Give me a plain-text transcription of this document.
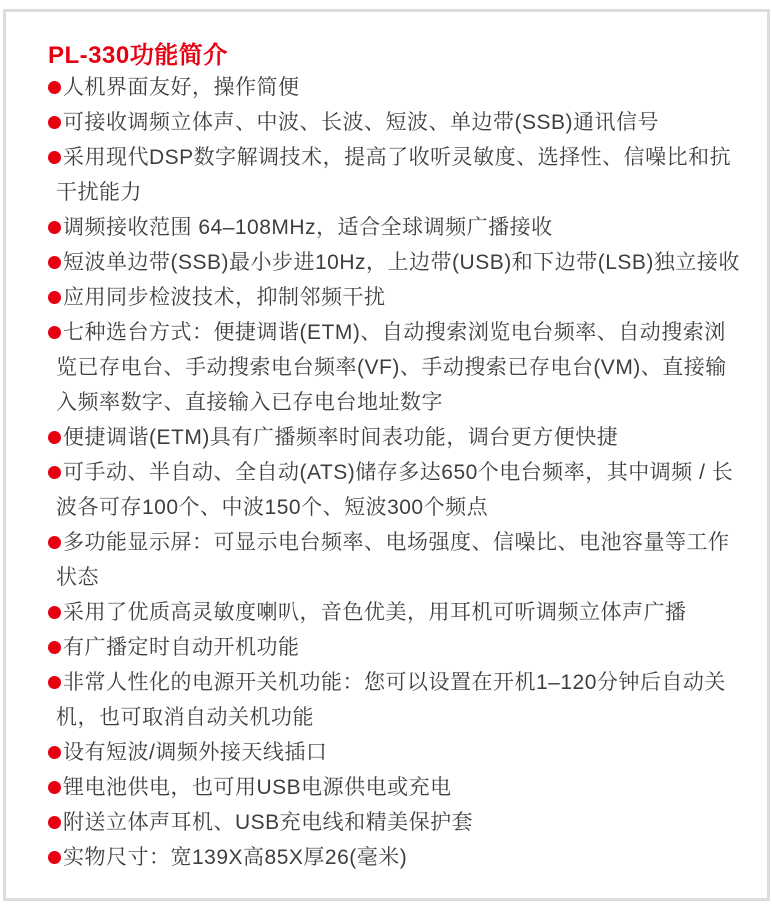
PL-330功能简介

人机界面友好，操作简便

可接收调频立体声、中波、长波、短波、单边带(SSB)通讯信号

采用现代DSP数字解调技术，提高了收听灵敏度、选择性、信噪比和抗干扰能力

调频接收范围 64–108MHz，适合全球调频广播接收

短波单边带(SSB)最小步进10Hz，上边带(USB)和下边带(LSB)独立接收

应用同步检波技术，抑制邻频干扰

七种选台方式：便捷调谐(ETM)、自动搜索浏览电台频率、自动搜索浏览已存电台、手动搜索电台频率(VF)、手动搜索已存电台(VM)、直接输入频率数字、直接输入已存电台地址数字

便捷调谐(ETM)具有广播频率时间表功能，调台更方便快捷

可手动、半自动、全自动(ATS)储存多达650个电台频率，其中调频 / 长波各可存100个、中波150个、短波300个频点

多功能显示屏：可显示电台频率、电场强度、信噪比、电池容量等工作状态

采用了优质高灵敏度喇叭，音色优美，用耳机可听调频立体声广播

有广播定时自动开机功能

非常人性化的电源开关机功能：您可以设置在开机1–120分钟后自动关机，也可取消自动关机功能

设有短波/调频外接天线插口

锂电池供电，也可用USB电源供电或充电

附送立体声耳机、USB充电线和精美保护套

实物尺寸：宽139X高85X厚26(毫米)
